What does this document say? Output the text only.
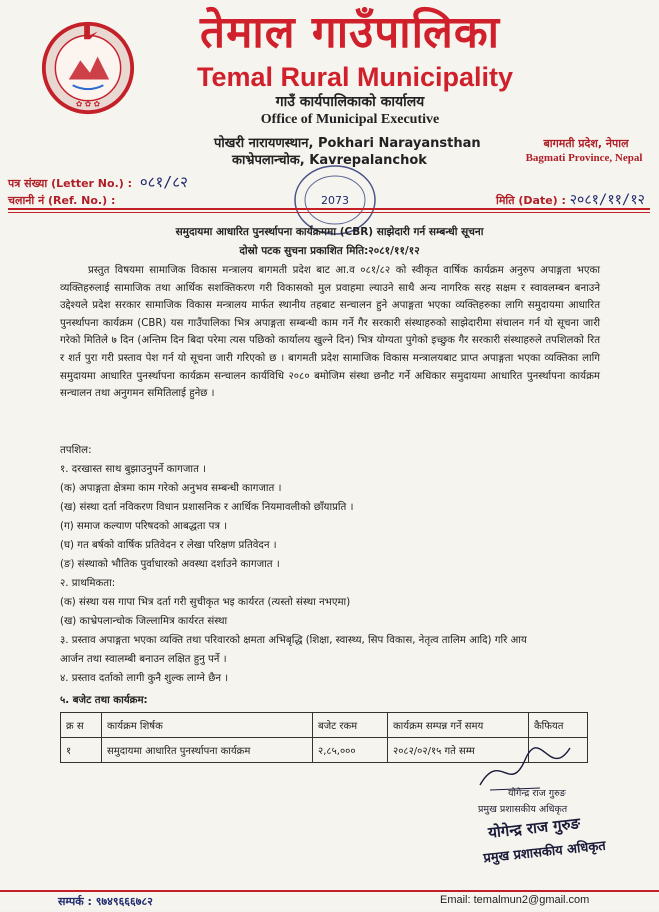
✿ ✿ ✿
तेमाल गाउँपालिका
Temal Rural Municipality
गाउँ कार्यपालिकाको कार्यालय
Office of Municipal Executive
पोखरी नारायणस्थान, Pokhari Narayansthan
काभ्रेपलान्चोक, Kavrepalanchok
बागमती प्रदेश, नेपाल
Bagmati Province, Nepal
पत्र संख्या (Letter No.) : ०८१/८२
चलानी नं (Ref. No.) :	मिति (Date) : २०८१/११/१२
2073
समुदायमा आधारित पुनर्स्थापना कार्यक्रममा (CBR) साझेदारी गर्न सम्बन्धी सूचना
दोस्रो पटक सुचना प्रकाशित मिति:२०८१/११/१२
प्रस्तुत विषयमा सामाजिक विकास मन्त्रालय बागमती प्रदेश बाट आ.व ०८१/८२ को स्वीकृत वार्षिक कार्यक्रम अनुरुप अपाङ्गता भएका व्यक्तिहरुलाई सामाजिक तथा आर्थिक सशक्तिकरण गरी विकासको मुल प्रवाहमा ल्याउने साथै अन्य नागरिक सरह सक्षम र स्वावलम्बन बनाउने उद्देश्यले प्रदेश सरकार सामाजिक विकास मन्त्रालय मार्फत स्थानीय तहबाट सन्चालन हुने अपाङ्गता भएका व्यक्तिहरुका लागि समुदायमा आधारित पुनर्स्थापना कार्यक्रम (CBR) यस गाउँपालिका भित्र अपाङ्गता सम्बन्धी काम गर्ने गैर सरकारी संस्थाहरुको साझेदारीमा संचालन गर्न यो सूचना जारी गरेको मितिले ७ दिन (अन्तिम दिन बिदा परेमा त्यस पछिको कार्यालय खुल्ने दिन) भित्र योग्यता पुगेको इच्छुक गैर सरकारी संस्थाहरुले तपशिलको रित र शर्त पुरा गरी प्रस्ताव पेश गर्न यो सूचना जारी गरिएको छ । बागमती प्रदेश सामाजिक विकास मन्त्रालयबाट प्राप्त अपाङ्गता भएका व्यक्तिका लागि समुदायमा आधारित पुनर्स्थापना कार्यक्रम सन्चालन कार्यविधि २०८० बमोजिम संस्था छनौट गर्ने अधिकार समुदायमा आधारित पुनर्स्थापना कार्यक्रम सन्चालन तथा अनुगमन समितिलाई हुनेछ ।
तपशिल:
१. दरखास्त साथ बुझाउनुपर्ने कागजात ।
(क) अपाङ्गता क्षेत्रमा काम गरेको अनुभव सम्बन्धी कागजात ।
(ख) संस्था दर्ता नविकरण विधान प्रशासनिक र आर्थिक नियमावलीको छाँयाप्रति ।
(ग) समाज कल्याण परिषदको आबद्धता पत्र ।
(घ) गत बर्षको वार्षिक प्रतिवेदन र लेखा परिक्षण प्रतिवेदन ।
(ङ) संस्थाको भौतिक पुर्वाधारको अवस्था दर्शाउने कागजात ।
२. प्राथमिकता:
(क) संस्था यस गापा भित्र दर्ता गरी सुचीकृत भइ कार्यरत (त्यस्तो संस्था नभएमा)
(ख) काभ्रेपलान्चोक जिल्लामित्र कार्यरत संस्था
३. प्रस्ताव अपाङ्गता भएका व्यक्ति तथा परिवारको क्षमता अभिबृद्धि (शिक्षा, स्वास्थ्य, सिप विकास, नेतृत्व तालिम आदि) गरि आय
आर्जन तथा स्वालम्बी बनाउन लक्षित हुनु पर्ने ।
४. प्रस्ताव दर्ताको लागी कुनै शुल्क लाग्ने छैन ।
५. बजेट तथा कार्यक्रम:
क्र स	कार्यक्रम शिर्षक	बजेट रकम	कार्यक्रम सम्पन्न गर्ने समय	कैफियत
१	समुदायमा आधारित पुनर्स्थापना कार्यक्रम	२,८५,०००	२०८२/०२/१५ गते सम्म	
योगेन्द्र राज गुरुङ
प्रमुख प्रशासकीय अधिकृत
योगेन्द्र राज गुरुङ
प्रमुख प्रशासकीय अधिकृत
सम्पर्क : ९७४९६६६७८२	Email: temalmun2@gmail.com
